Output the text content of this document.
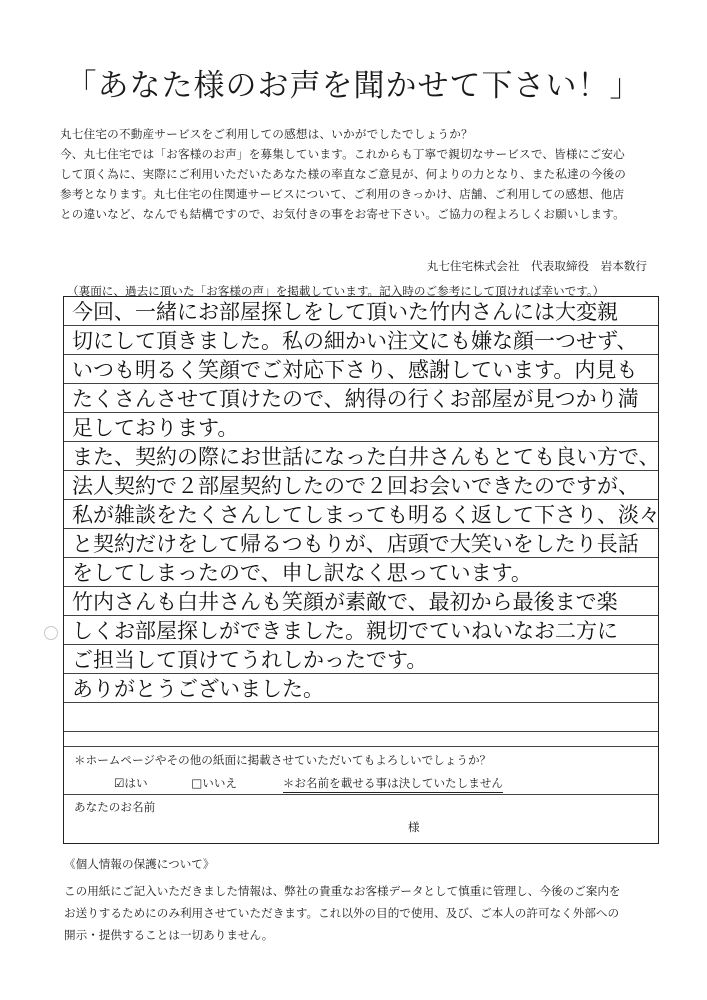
「あなた様のお声を聞かせて下さい！」

丸七住宅の不動産サービスをご利用しての感想は、いかがでしたでしょうか？

今、丸七住宅では「お客様のお声」を募集しています。これからも丁寧で親切なサービスで、皆様にご安心

して頂く為に、実際にご利用いただいたあなた様の率直なご意見が、何よりの力となり、また私達の今後の

参考となります。丸七住宅の住関連サービスについて、ご利用のきっかけ、店舗、ご利用しての感想、他店

との違いなど、なんでも結構ですので、お気付きの事をお寄せ下さい。ご協力の程よろしくお願いします。

丸七住宅株式会社　代表取締役　岩本数行
（裏面に、過去に頂いた「お客様の声」を掲載しています。記入時のご参考にして頂ければ幸いです。）
今回、一緒にお部屋探しをして頂いた竹内さんには大変親
切にして頂きました。私の細かい注文にも嫌な顔一つせず、
いつも明るく笑顔でご対応下さり、感謝しています。内見も
たくさんさせて頂けたので、納得の行くお部屋が見つかり満
足しております。
また、契約の際にお世話になった白井さんもとても良い方で、
法人契約で２部屋契約したので２回お会いできたのですが、
私が雑談をたくさんしてしまっても明るく返して下さり、淡々
と契約だけをして帰るつもりが、店頭で大笑いをしたり長話
をしてしまったので、申し訳なく思っています。
竹内さんも白井さんも笑顔が素敵で、最初から最後まで楽
しくお部屋探しができました。親切でていねいなお二方に
ご担当して頂けてうれしかったです。
ありがとうございました。
＊ホームページやその他の紙面に掲載させていただいてもよろしいでしょうか？
☑はい	□いいえ	＊お名前を載せる事は決していたしません
あなたのお名前
様
《個人情報の保護について》

この用紙にご記入いただきました情報は、弊社の貴重なお客様データとして慎重に管理し、今後のご案内を

お送りするためにのみ利用させていただきます。これ以外の目的で使用、及び、ご本人の許可なく外部への

開示・提供することは一切ありません。
